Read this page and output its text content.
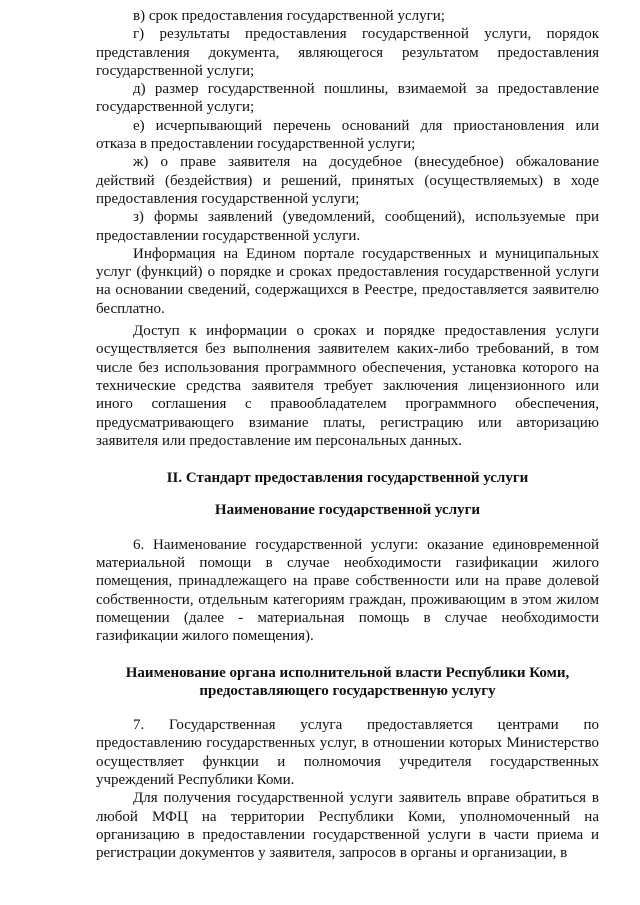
в) срок предоставления государственной услуги;

г) результаты предоставления государственной услуги, порядок представления документа, являющегося результатом предоставления государственной услуги;

д) размер государственной пошлины, взимаемой за предоставление государственной услуги;

е) исчерпывающий перечень оснований для приостановления или отказа в предоставлении государственной услуги;

ж) о праве заявителя на досудебное (внесудебное) обжалование действий (бездействия) и решений, принятых (осуществляемых) в ходе предоставления государственной услуги;

з) формы заявлений (уведомлений, сообщений), используемые при предоставлении государственной услуги.

Информация на Едином портале государственных и муниципальных услуг (функций) о порядке и сроках предоставления государственной услуги на основании сведений, содержащихся в Реестре, предоставляется заявителю бесплатно.

Доступ к информации о сроках и порядке предоставления услуги осуществляется без выполнения заявителем каких-либо требований, в том числе без использования программного обеспечения, установка которого на технические средства заявителя требует заключения лицензионного или иного соглашения с правообладателем программного обеспечения, предусматривающего взимание платы, регистрацию или авторизацию заявителя или предоставление им персональных данных.

II. Стандарт предоставления государственной услуги

Наименование государственной услуги

6. Наименование государственной услуги: оказание единовременной материальной помощи в случае необходимости газификации жилого помещения, принадлежащего на праве собственности или на праве долевой собственности, отдельным категориям граждан, проживающим в этом жилом помещении (далее - материальная помощь в случае необходимости газификации жилого помещения).

Наименование органа исполнительной власти Республики Коми,
предоставляющего государственную услугу

7. Государственная услуга предоставляется центрами по предоставлению государственных услуг, в отношении которых Министерство осуществляет функции и полномочия учредителя государственных учреждений Республики Коми.

Для получения государственной услуги заявитель вправе обратиться в любой МФЦ на территории Республики Коми, уполномоченный на организацию в предоставлении государственной услуги в части приема и регистрации документов у заявителя, запросов в органы и организации, в
